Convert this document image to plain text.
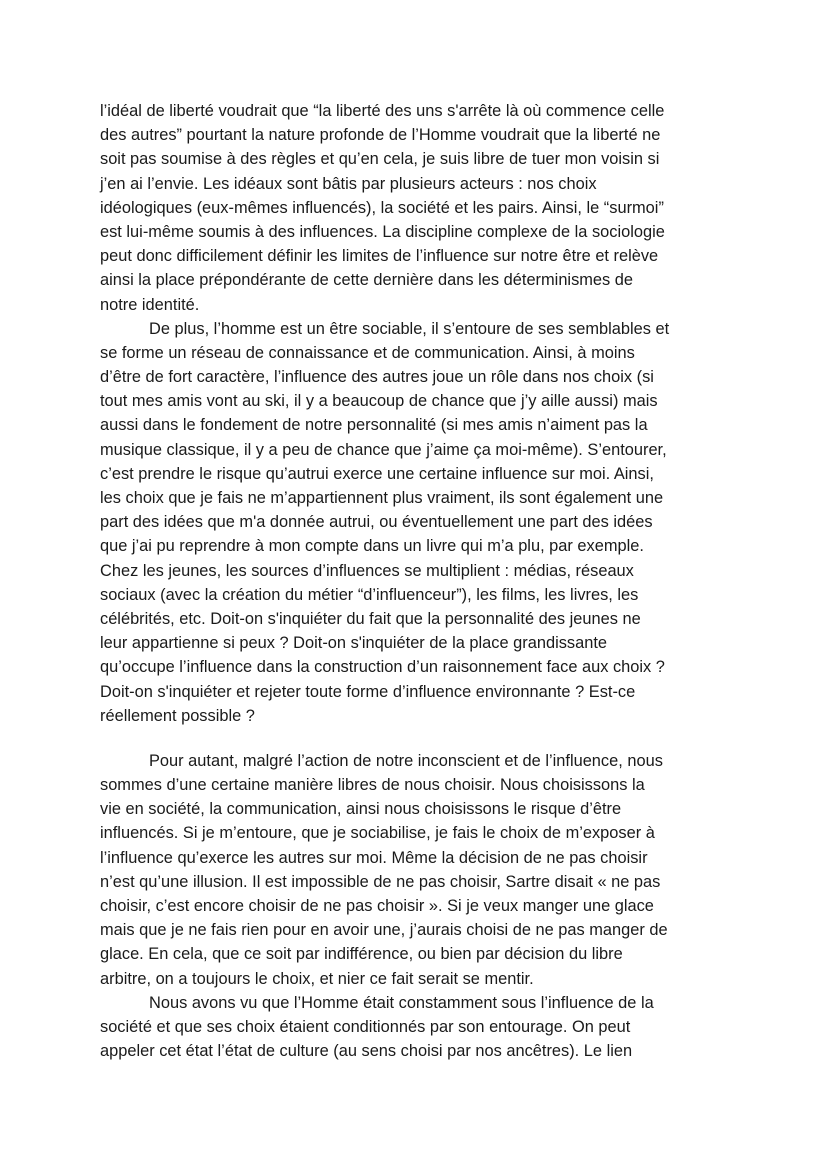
l’idéal de liberté voudrait que “la liberté des uns s'arrête là où commence celle
des autres” pourtant la nature profonde de l’Homme voudrait que la liberté ne
soit pas soumise à des règles et qu’en cela, je suis libre de tuer mon voisin si
j’en ai l’envie. Les idéaux sont bâtis par plusieurs acteurs : nos choix
idéologiques (eux-mêmes influencés), la société et les pairs. Ainsi, le “surmoi”
est lui-même soumis à des influences. La discipline complexe de la sociologie
peut donc difficilement définir les limites de l’influence sur notre être et relève
ainsi la place prépondérante de cette dernière dans les déterminismes de
notre identité.
De plus, l’homme est un être sociable, il s’entoure de ses semblables et
se forme un réseau de connaissance et de communication. Ainsi, à moins
d’être de fort caractère, l’influence des autres joue un rôle dans nos choix (si
tout mes amis vont au ski, il y a beaucoup de chance que j’y aille aussi) mais
aussi dans le fondement de notre personnalité (si mes amis n’aiment pas la
musique classique, il y a peu de chance que j’aime ça moi-même). S’entourer,
c’est prendre le risque qu’autrui exerce une certaine influence sur moi. Ainsi,
les choix que je fais ne m’appartiennent plus vraiment, ils sont également une
part des idées que m'a donnée autrui, ou éventuellement une part des idées
que j’ai pu reprendre à mon compte dans un livre qui m’a plu, par exemple.
Chez les jeunes, les sources d’influences se multiplient : médias, réseaux
sociaux (avec la création du métier “d’influenceur”), les films, les livres, les
célébrités, etc. Doit-on s'inquiéter du fait que la personnalité des jeunes ne
leur appartienne si peux ? Doit-on s'inquiéter de la place grandissante
qu’occupe l’influence dans la construction d’un raisonnement face aux choix ?
Doit-on s'inquiéter et rejeter toute forme d’influence environnante ? Est-ce
réellement possible ?
Pour autant, malgré l’action de notre inconscient et de l’influence, nous
sommes d’une certaine manière libres de nous choisir. Nous choisissons la
vie en société, la communication, ainsi nous choisissons le risque d’être
influencés. Si je m’entoure, que je sociabilise, je fais le choix de m’exposer à
l’influence qu’exerce les autres sur moi. Même la décision de ne pas choisir
n’est qu’une illusion. Il est impossible de ne pas choisir, Sartre disait « ne pas
choisir, c’est encore choisir de ne pas choisir ». Si je veux manger une glace
mais que je ne fais rien pour en avoir une, j’aurais choisi de ne pas manger de
glace. En cela, que ce soit par indifférence, ou bien par décision du libre
arbitre, on a toujours le choix, et nier ce fait serait se mentir.
Nous avons vu que l’Homme était constamment sous l’influence de la
société et que ses choix étaient conditionnés par son entourage. On peut
appeler cet état l’état de culture (au sens choisi par nos ancêtres). Le lien
